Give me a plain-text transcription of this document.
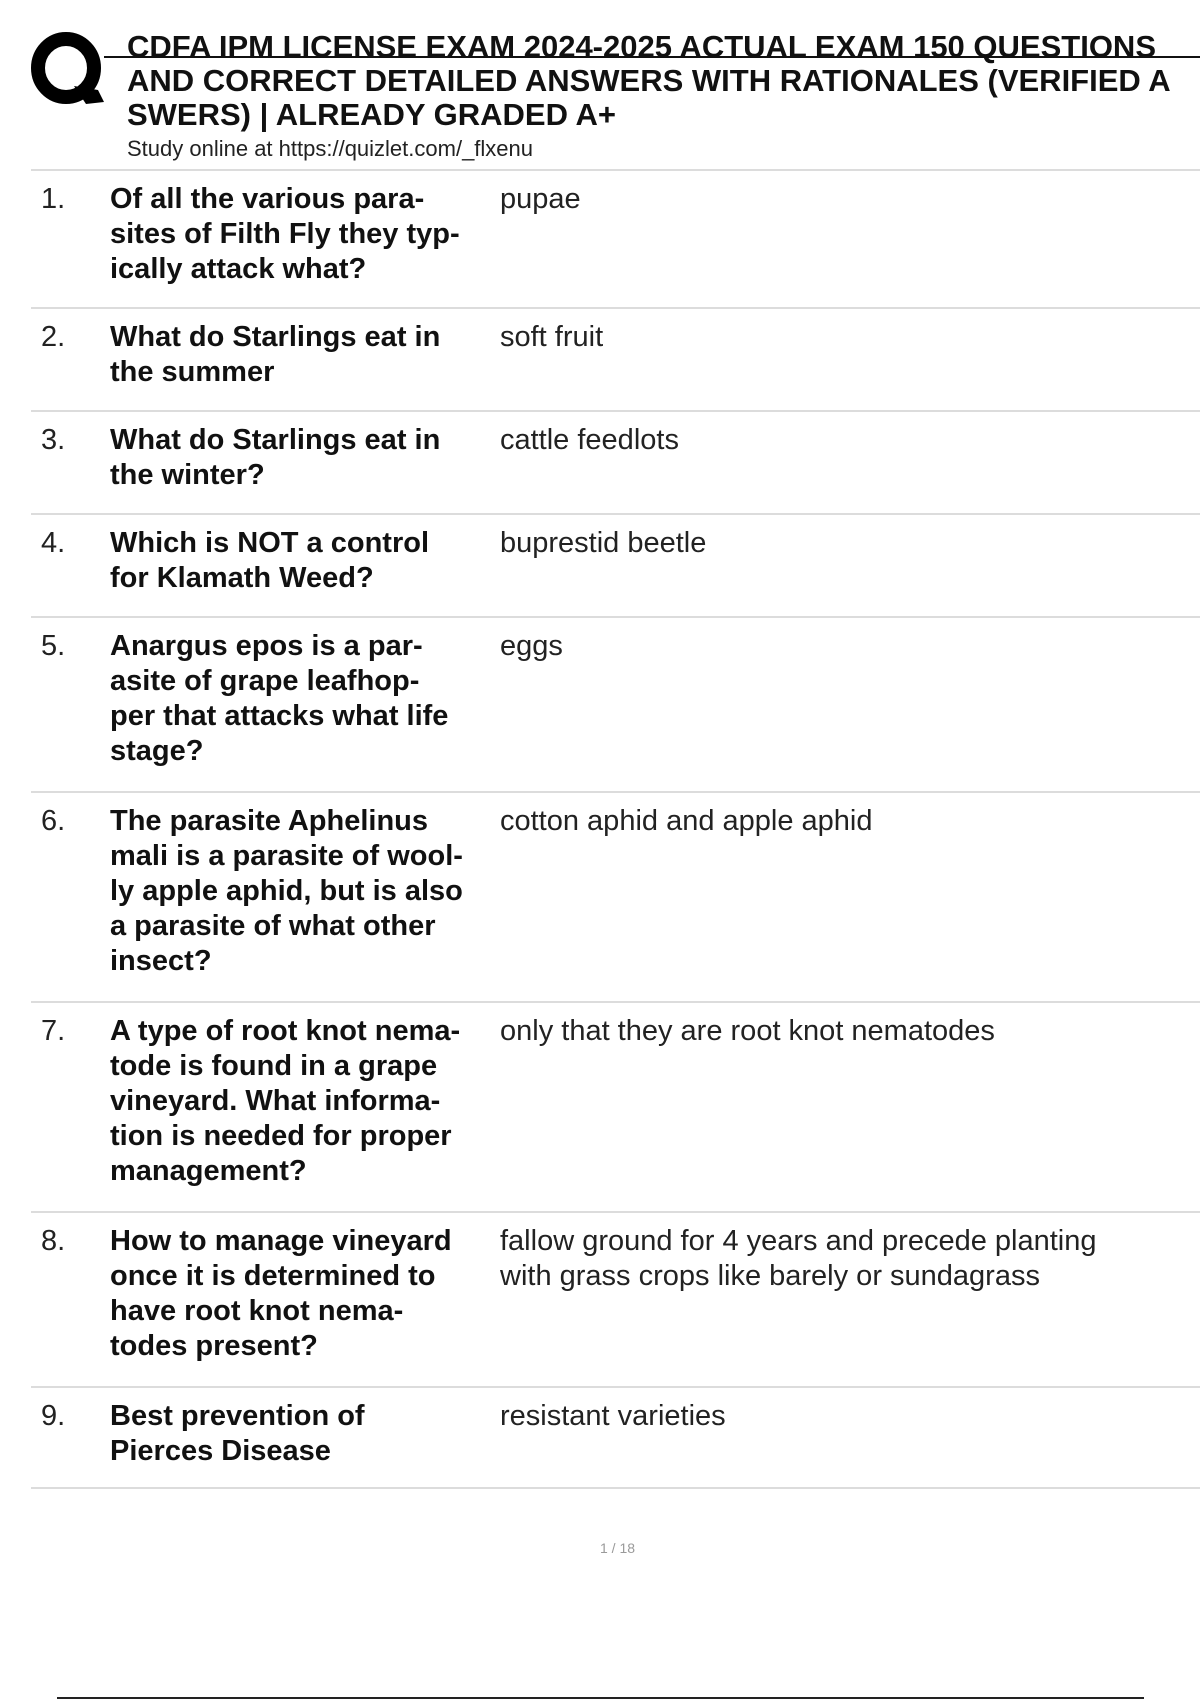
CDFA IPM LICENSE EXAM 2024-2025 ACTUAL EXAM 150 QUESTIONS
AND CORRECT DETAILED ANSWERS WITH RATIONALES (VERIFIED A
SWERS) | ALREADY GRADED A+
Study online at https://quizlet.com/_flxenu
1. Of all the various para-
sites of Filth Fly they typ-
ically attack what?
pupae
2. What do Starlings eat in
the summer
soft fruit
3. What do Starlings eat in
the winter?
cattle feedlots
4. Which is NOT a control
for Klamath Weed?
buprestid beetle
5. Anargus epos is a par-
asite of grape leafhop-
per that attacks what life
stage?
eggs
6. The parasite Aphelinus
mali is a parasite of wool-
ly apple aphid, but is also
a parasite of what other
insect?
cotton aphid and apple aphid
7. A type of root knot nema-
tode is found in a grape
vineyard. What informa-
tion is needed for proper
management?
only that they are root knot nematodes
8. How to manage vineyard
once it is determined to
have root knot nema-
todes present?
fallow ground for 4 years and precede planting
with grass crops like barely or sundagrass
9. Best prevention of
Pierces Disease
resistant varieties
1 / 18
